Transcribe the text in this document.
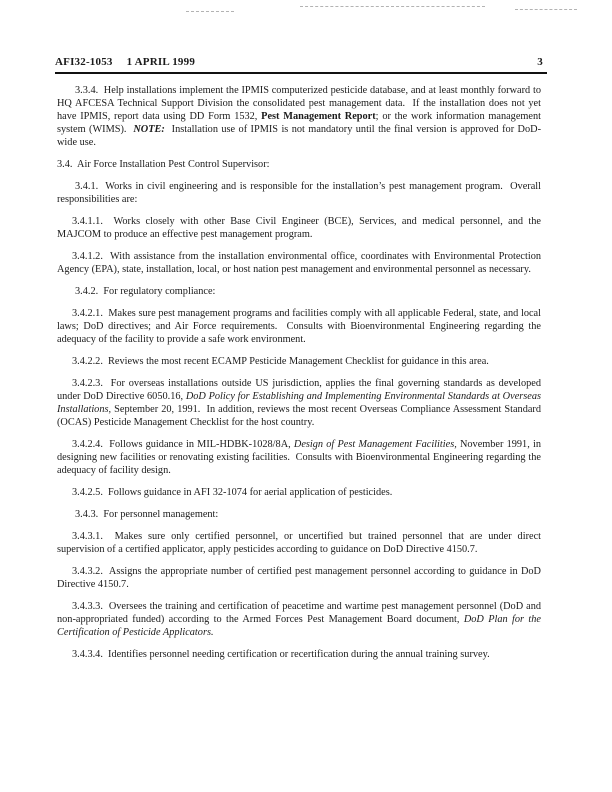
AFI32-1053 1 APRIL 1999	3

3.3.4.  Help installations implement the IPMIS computerized pesticide database, and at least monthly forward to HQ AFCESA Technical Support Division the consolidated pest management data.  If the installation does not yet have IPMIS, report data using DD Form 1532, Pest Management Report; or the work information management system (WIMS).  NOTE:  Installation use of IPMIS is not mandatory until the final version is approved for DoD-wide use.

3.4.  Air Force Installation Pest Control Supervisor:

3.4.1.  Works in civil engineering and is responsible for the installation’s pest management program.  Overall responsibilities are:

3.4.1.1.  Works closely with other Base Civil Engineer (BCE), Services, and medical personnel, and the MAJCOM to produce an effective pest management program.

3.4.1.2.  With assistance from the installation environmental office, coordinates with Environmental Protection Agency (EPA), state, installation, local, or host nation pest management and environmental personnel as necessary.

3.4.2.  For regulatory compliance:

3.4.2.1.  Makes sure pest management programs and facilities comply with all applicable Federal, state, and local laws; DoD directives; and Air Force requirements.  Consults with Bioenvironmental Engineering regarding the adequacy of the facility to provide a safe work environment.

3.4.2.2.  Reviews the most recent ECAMP Pesticide Management Checklist for guidance in this area.

3.4.2.3.  For overseas installations outside US jurisdiction, applies the final governing standards as developed under DoD Directive 6050.16, DoD Policy for Establishing and Implementing Environmental Standards at Overseas Installations, September 20, 1991.  In addition, reviews the most recent Overseas Compliance Assessment Standard (OCAS) Pesticide Management Checklist for the host country.

3.4.2.4.  Follows guidance in MIL-HDBK-1028/8A, Design of Pest Management Facilities, November 1991, in designing new facilities or renovating existing facilities.  Consults with Bioenvironmental Engineering regarding the adequacy of facility design.

3.4.2.5.  Follows guidance in AFI 32-1074 for aerial application of pesticides.

3.4.3.  For personnel management:

3.4.3.1.  Makes sure only certified personnel, or uncertified but trained personnel that are under direct supervision of a certified applicator, apply pesticides according to guidance on DoD Directive 4150.7.

3.4.3.2.  Assigns the appropriate number of certified pest management personnel according to guidance in DoD Directive 4150.7.

3.4.3.3.  Oversees the training and certification of peacetime and wartime pest management personnel (DoD and non-appropriated funded) according to the Armed Forces Pest Management Board document, DoD Plan for the Certification of Pesticide Applicators.

3.4.3.4.  Identifies personnel needing certification or recertification during the annual training survey.
